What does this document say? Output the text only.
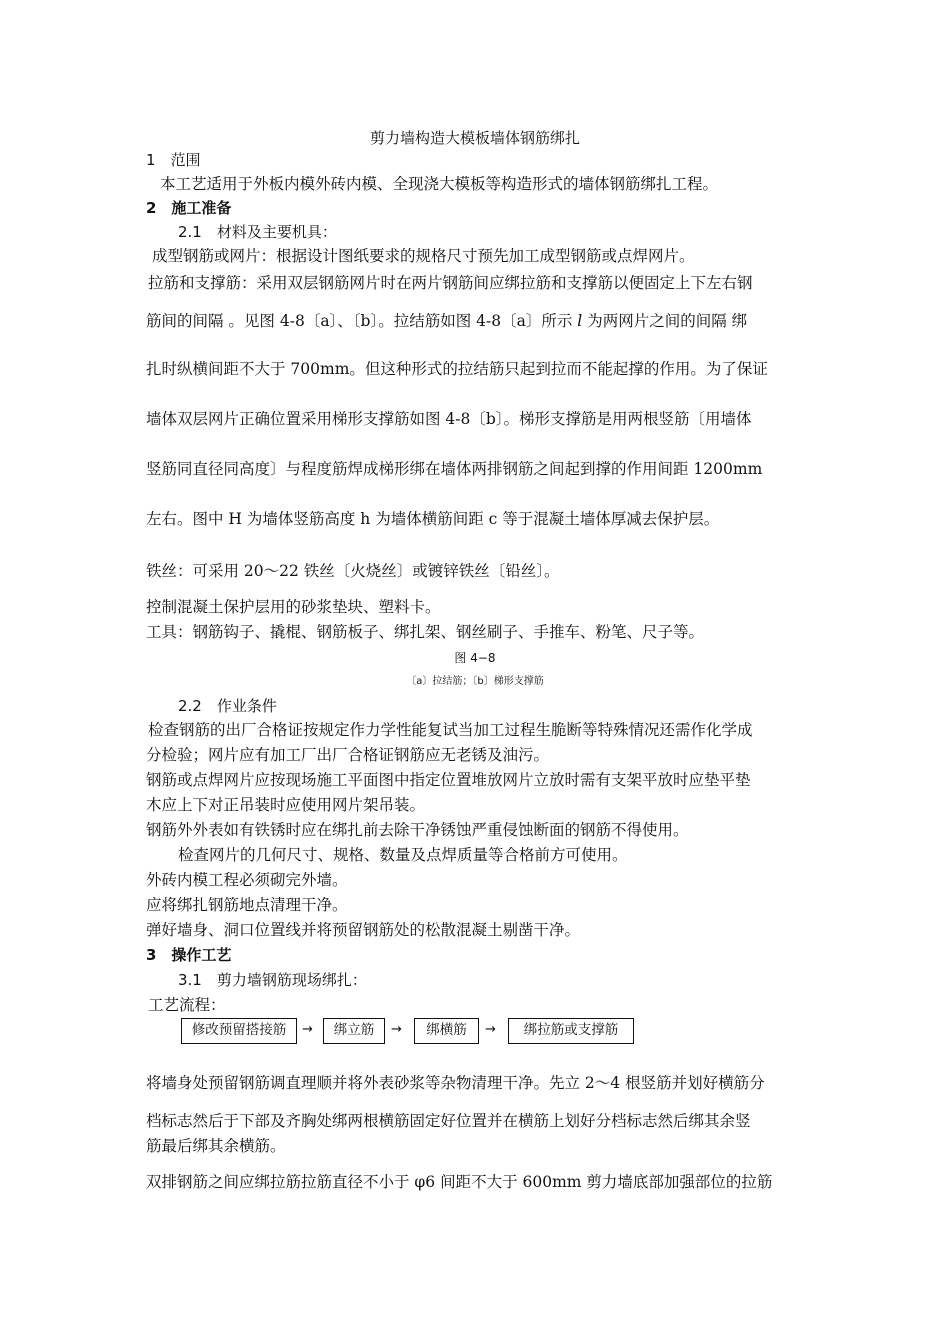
剪力墙构造大模板墙体钢筋绑扎
1　范围
本工艺适用于外板内模外砖内模、全现浇大模板等构造形式的墙体钢筋绑扎工程。
2　施工准备
2.1　材料及主要机具：
成型钢筋或网片：根据设计图纸要求的规格尺寸预先加工成型钢筋或点焊网片。
拉筋和支撑筋：采用双层钢筋网片时在两片钢筋间应绑拉筋和支撑筋以便固定上下左右钢
筋间的间隔 。见图 4-8〔a〕、〔b〕。拉结筋如图 4-8〔a〕所示 l 为两网片之间的间隔 绑
扎时纵横间距不大于 700mm。但这种形式的拉结筋只起到拉而不能起撑的作用。为了保证
墙体双层网片正确位置采用梯形支撑筋如图 4-8〔b〕。梯形支撑筋是用两根竖筋〔用墙体
竖筋同直径同高度〕与程度筋焊成梯形绑在墙体两排钢筋之间起到撑的作用间距 1200mm
左右。图中 H 为墙体竖筋高度 h 为墙体横筋间距 c 等于混凝土墙体厚减去保护层。
铁丝：可采用 20～22 铁丝〔火烧丝〕或镀锌铁丝〔铅丝〕。
控制混凝土保护层用的砂浆垫块、塑料卡。
工具：钢筋钩子、撬棍、钢筋板子、绑扎架、钢丝刷子、手推车、粉笔、尺子等。
图 4−8
〔a〕拉结筋；〔b〕梯形支撑筋
2.2　作业条件
检查钢筋的出厂合格证按规定作力学性能复试当加工过程生脆断等特殊情况还需作化学成
分检验；网片应有加工厂出厂合格证钢筋应无老锈及油污。
钢筋或点焊网片应按现场施工平面图中指定位置堆放网片立放时需有支架平放时应垫平垫
木应上下对正吊装时应使用网片架吊装。
钢筋外外表如有铁锈时应在绑扎前去除干净锈蚀严重侵蚀断面的钢筋不得使用。
检查网片的几何尺寸、规格、数量及点焊质量等合格前方可使用。
外砖内模工程必须砌完外墙。
应将绑扎钢筋地点清理干净。
弹好墙身、洞口位置线并将预留钢筋处的松散混凝土剔凿干净。
3　操作工艺
3.1　剪力墙钢筋现场绑扎：
工艺流程：
修改预留搭接筋	→	绑立筋	→	绑横筋	→	绑拉筋或支撑筋
将墙身处预留钢筋调直理顺并将外表砂浆等杂物清理干净。先立 2～4 根竖筋并划好横筋分
档标志然后于下部及齐胸处绑两根横筋固定好位置并在横筋上划好分档标志然后绑其余竖
筋最后绑其余横筋。
双排钢筋之间应绑拉筋拉筋直径不小于 φ6 间距不大于 600mm 剪力墙底部加强部位的拉筋
